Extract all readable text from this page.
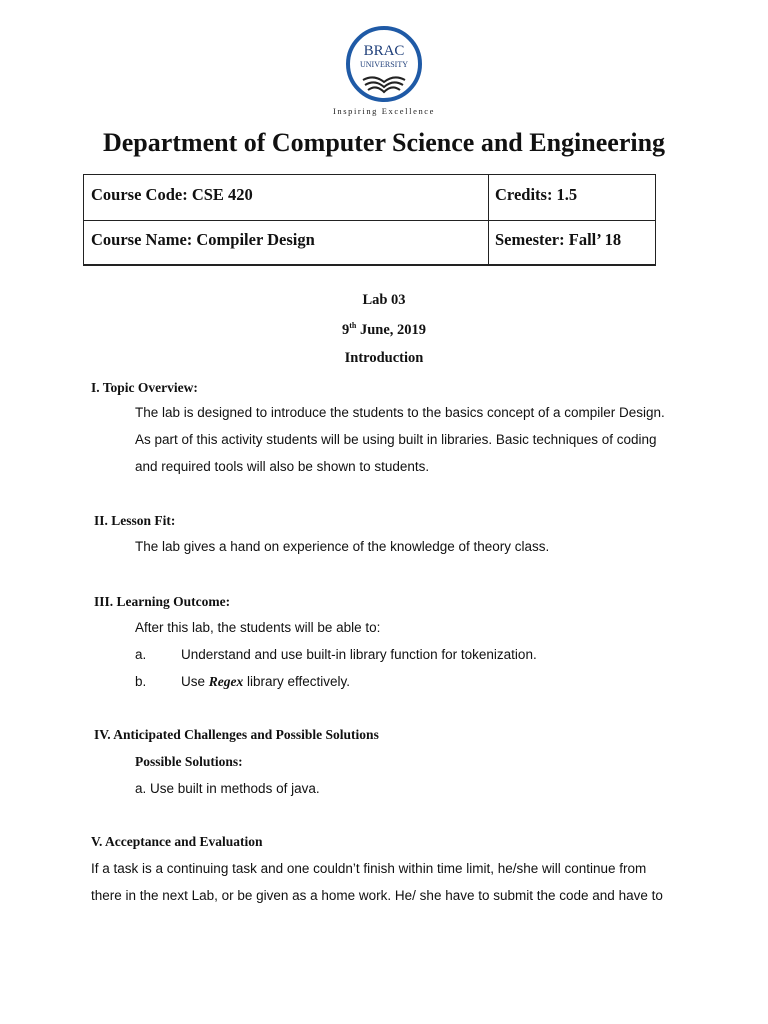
BRAC
UNIVERSITY
Inspiring Excellence
Department of Computer Science and Engineering
Course Code: CSE 420	Credits: 1.5
Course Name: Compiler Design	Semester: Fall’ 18
Lab 03
9th June, 2019
Introduction
I. Topic Overview:
The lab is designed to introduce the students to the basics concept of a compiler Design.
As part of this activity students will be using built in libraries. Basic techniques of coding
and required tools will also be shown to students.
II. Lesson Fit:
The lab gives a hand on experience of the knowledge of theory class.
III. Learning Outcome:
After this lab, the students will be able to:
a.	Understand and use built-in library function for tokenization.
b.	Use Regex library effectively.
IV. Anticipated Challenges and Possible Solutions
Possible Solutions:
a. Use built in methods of java.
V. Acceptance and Evaluation
If a task is a continuing task and one couldn’t finish within time limit, he/she will continue from
there in the next Lab, or be given as a home work. He/ she have to submit the code and have to
